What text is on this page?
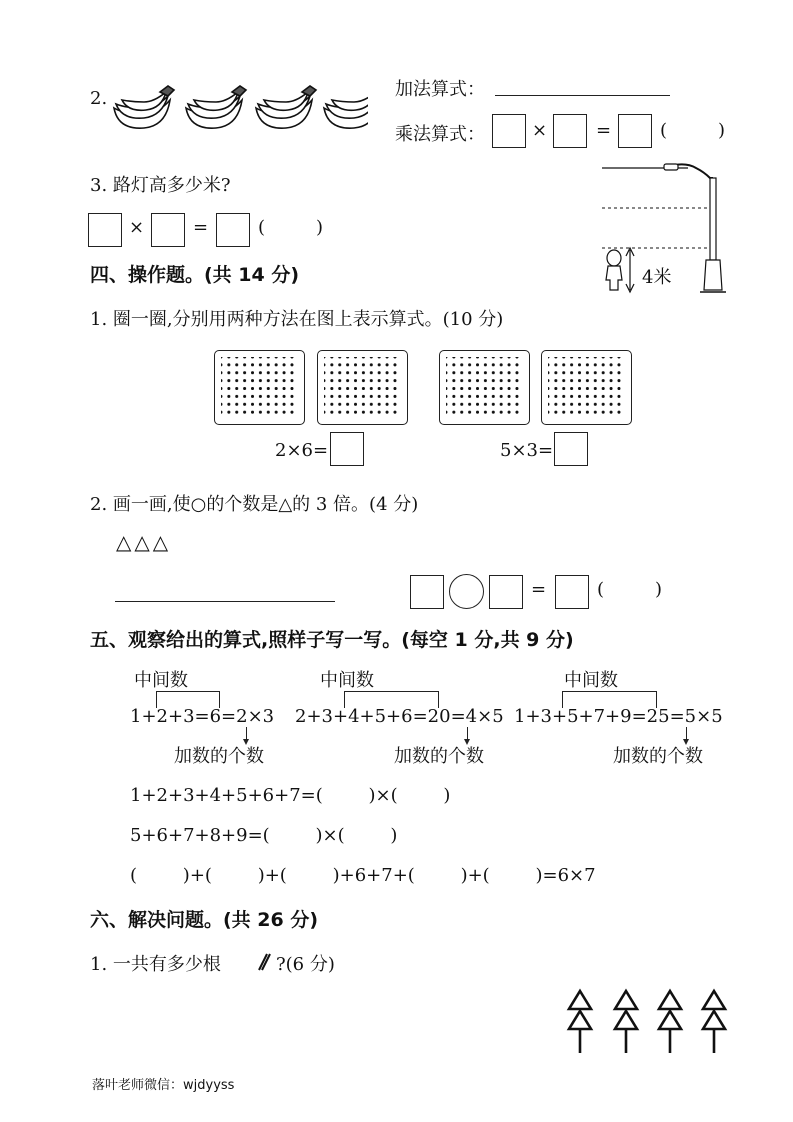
2.	加法算式：
乘法算式：	×	=	(	)
3. 路灯高多少米?
×	=	(	)
4米
四、操作题。(共 14 分)
1. 圈一圈,分别用两种方法在图上表示算式。(10 分)
2×6=	5×3=
2. 画一画,使○的个数是△的 3 倍。(4 分)
△△△
=	(	)
五、观察给出的算式,照样子写一写。(每空 1 分,共 9 分)
中间数
1+2+3=6=2×3
加数的个数
中间数
2+3+4+5+6=20=4×5
加数的个数
中间数
1+3+5+7+9=25=5×5
加数的个数
1+2+3+4+5+6+7=(        )×(        )
5+6+7+8+9=(        )×(        )
(        )+(        )+(        )+6+7+(        )+(        )=6×7
六、解决问题。(共 26 分)
1. 一共有多少根	?(6 分)
落叶老师微信：wjdyyss
